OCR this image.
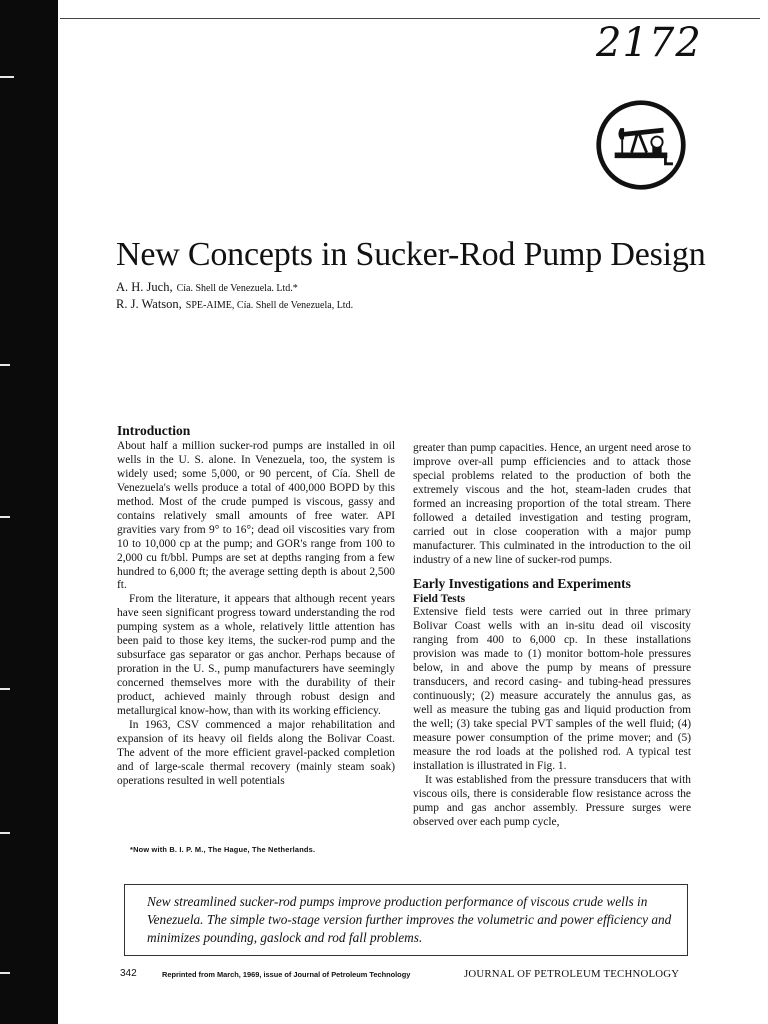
2172
New Concepts in Sucker-Rod Pump Design
A. H. Juch, Cía. Shell de Venezuela. Ltd.*
R. J. Watson, SPE-AIME, Cía. Shell de Venezuela, Ltd.
Introduction

About half a million sucker-rod pumps are installed in oil wells in the U. S. alone. In Venezuela, too, the system is widely used; some 5,000, or 90 percent, of Cía. Shell de Venezuela's wells produce a total of 400,000 BOPD by this method. Most of the crude pumped is viscous, gassy and contains relatively small amounts of free water. API gravities vary from 9° to 16°; dead oil viscosities vary from 10 to 10,000 cp at the pump; and GOR's range from 100 to 2,000 cu ft/bbl. Pumps are set at depths ranging from a few hundred to 6,000 ft; the average setting depth is about 2,500 ft.

From the literature, it appears that although recent years have seen significant progress toward understanding the rod pumping system as a whole, relatively little attention has been paid to those key items, the sucker-rod pump and the subsurface gas separator or gas anchor. Perhaps because of proration in the U. S., pump manufacturers have seemingly concerned themselves more with the durability of their product, achieved mainly through robust design and metallurgical know-how, than with its working efficiency.

In 1963, CSV commenced a major rehabilitation and expansion of its heavy oil fields along the Bolivar Coast. The advent of the more efficient gravel-packed completion and of large-scale thermal recovery (mainly steam soak) operations resulted in well potentials

greater than pump capacities. Hence, an urgent need arose to improve over-all pump efficiencies and to attack those special problems related to the production of both the extremely viscous and the hot, steam-laden crudes that formed an increasing proportion of the total stream. There followed a detailed investigation and testing program, carried out in close cooperation with a major pump manufacturer. This culminated in the introduction to the oil industry of a new line of sucker-rod pumps.

Early Investigations and Experiments
Field Tests

Extensive field tests were carried out in three primary Bolivar Coast wells with an in-situ dead oil viscosity ranging from 400 to 6,000 cp. In these installations provision was made to (1) monitor bottom-hole pressures below, in and above the pump by means of pressure transducers, and record casing- and tubing-head pressures continuously; (2) measure accurately the annulus gas, as well as measure the tubing gas and liquid production from the well; (3) take special PVT samples of the well fluid; (4) measure power consumption of the prime mover; and (5) measure the rod loads at the polished rod. A typical test installation is illustrated in Fig. 1.

It was established from the pressure transducers that with viscous oils, there is considerable flow resistance across the pump and gas anchor assembly. Pressure surges were observed over each pump cycle,

*Now with B. I. P. M., The Hague, The Netherlands.
New streamlined sucker-rod pumps improve production performance of viscous crude wells in Venezuela. The simple two-stage version further improves the volumetric and power efficiency and minimizes pounding, gaslock and rod fall problems.
342	Reprinted from March, 1969, issue of Journal of Petroleum Technology	JOURNAL OF PETROLEUM TECHNOLOGY
